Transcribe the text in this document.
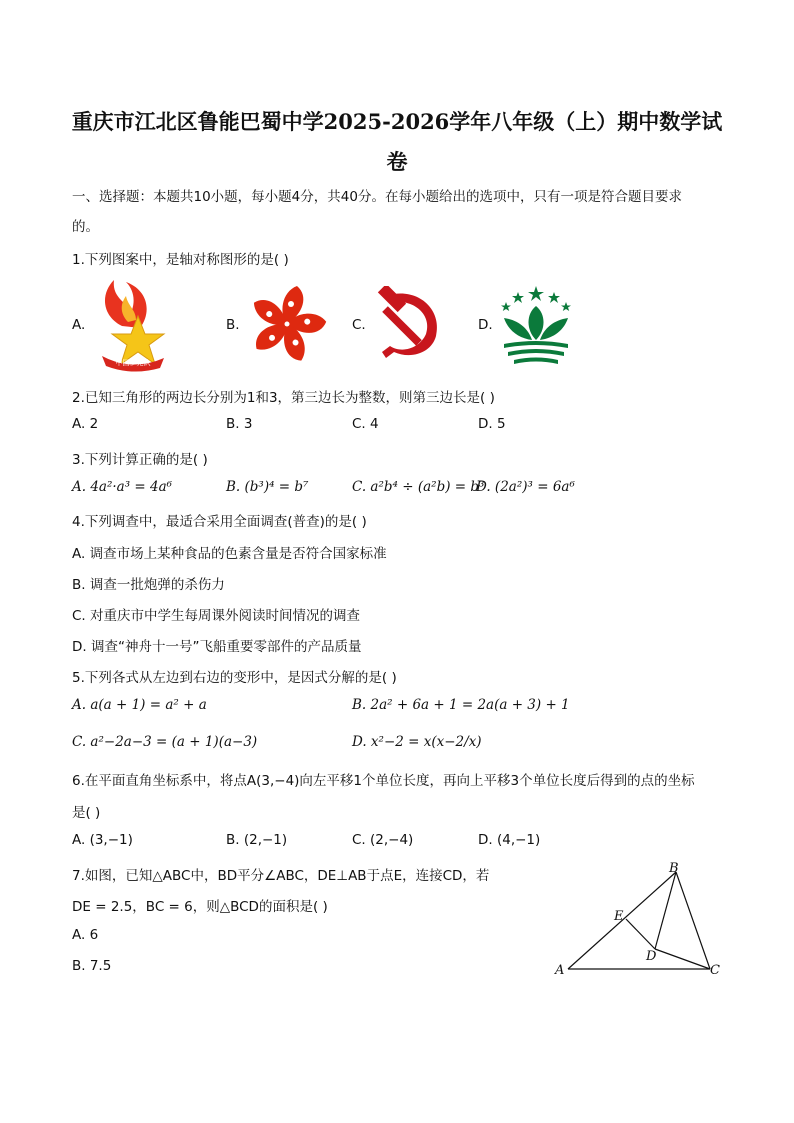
重庆市江北区鲁能巴蜀中学2025-2026学年八年级（上）期中数学试
卷
一、选择题：本题共10小题，每小题4分，共40分。在每小题给出的选项中，只有一项是符合题目要求
的。
1.下列图案中，是轴对称图形的是( )
A.
中国少先队
B.	C.	D.
2.已知三角形的两边长分别为1和3，第三边长为整数，则第三边长是( )
A. 2	B. 3	C. 4	D. 5
3.下列计算正确的是( )
A. 4a²·a³ = 4a⁶	B. (b³)⁴ = b⁷	C. a²b⁴ ÷ (a²b) = b³
D. (2a²)³ = 6a⁶
4.下列调查中，最适合采用全面调查(普查)的是( )
A. 调查市场上某种食品的色素含量是否符合国家标准
B. 调查一批炮弹的杀伤力
C. 对重庆市中学生每周课外阅读时间情况的调查
D. 调查“神舟十一号”飞船重要零部件的产品质量
5.下列各式从左边到右边的变形中，是因式分解的是( )
A. a(a + 1) = a² + a	B. 2a² + 6a + 1 = 2a(a + 3) + 1
C. a²−2a−3 = (a + 1)(a−3)	D. x²−2 = x(x−2/x)
6.在平面直角坐标系中，将点A(3,−4)向左平移1个单位长度，再向上平移3个单位长度后得到的点的坐标
是( )
A. (3,−1)	B. (2,−1)	C. (2,−4)	D. (4,−1)
7.如图，已知△ABC中，BD平分∠ABC，DE⊥AB于点E，连接CD，若
DE = 2.5，BC = 6，则△BCD的面积是( )
A. 6
B. 7.5
B
E
D
A	C
